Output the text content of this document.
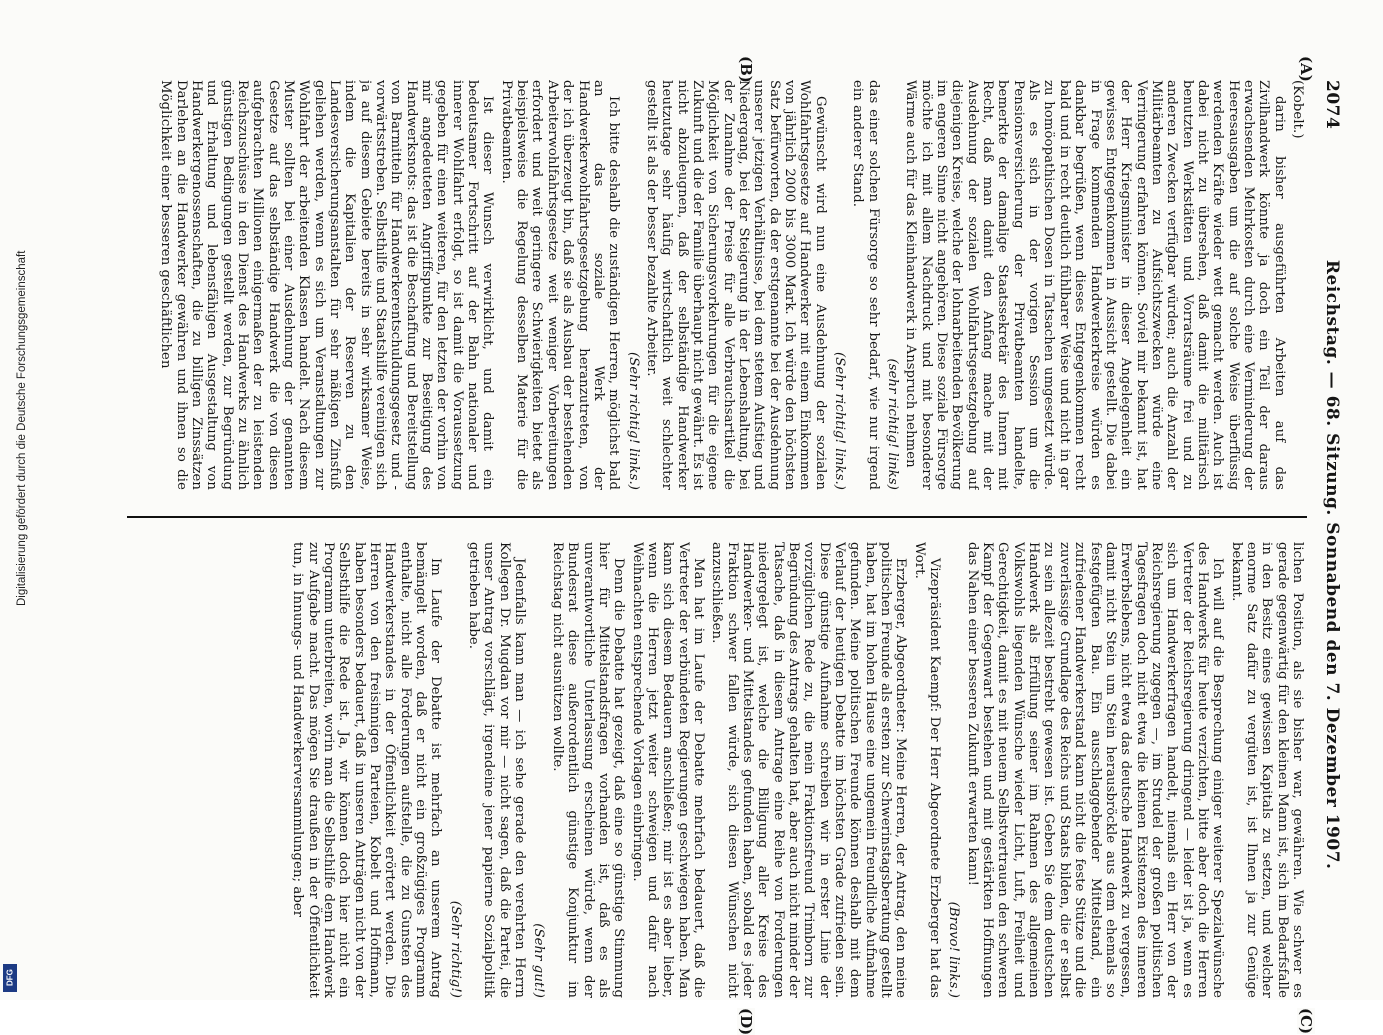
Digitalisierung gefördert durch die Deutsche Forschungsgemeinschaft
DFG
2074
Reichstag. — 68. Sitzung. Sonnabend den 7. Dezember 1907.
(A)
(B)
(C)
(D)

(Kobelt.)

darin bisher ausgeführten Arbeiten auf das Zivilhandwerk könnte ja doch ein Teil der daraus erwachsenden Mehrkosten durch eine Verminderung der Heeresausgaben um die auf solche Weise überflüssig werdenden Kräfte wieder wett gemacht werden. Auch ist dabei nicht zu übersehen, daß damit die militärisch benutzten Werkstätten und Vorratsräume frei und zu anderen Zwecken verfügbar würden; auch die Anzahl der Militärbeamten zu Aufsichtszwecken würde eine Verringerung erfahren können. Soviel mir bekannt ist, hat der Herr Kriegsminister in dieser Angelegenheit ein gewisses Entgegenkommen in Aussicht gestellt. Die dabei in Frage kommenden Handwerkerkreise würden es dankbar begrüßen, wenn dieses Entgegenkommen recht bald und in recht deutlich fühlbarer Weise und nicht in gar zu homöopathischen Dosen in Tatsachen umgesetzt würde. Als es sich in der vorigen Session um die Pensionsversicherung der Privatbeamten handelte, bemerkte der damalige Staatssekretär des Innern mit Recht, daß man damit den Anfang mache mit der Ausdehnung der sozialen Wohlfahrtsgesetzgebung auf diejenigen Kreise, welche der lohnarbeitenden Bevölkerung im engeren Sinne nicht angehören. Diese soziale Fürsorge möchte ich mit allem Nachdruck und mit besonderer Wärme auch für das Kleinhandwerk in Anspruch nehmen

(sehr richtig! links)

das einer solchen Fürsorge so sehr bedarf, wie nur irgend ein anderer Stand.

(Sehr richtig! links.)

Gewünscht wird nun eine Ausdehnung der sozialen Wohlfahrtsgesetze auf Handwerker mit einem Einkommen von jährlich 2000 bis 3000 Mark. Ich würde den höchsten Satz befürworten, da der erstgenannte bei der Ausdehnung unserer jetzigen Verhältnisse, bei dem stetem Aufstieg und Niedergang, bei der Steigerung in der Lebenshaltung, bei der Zunahme der Preise für alle Verbrauchsartikel die Möglichkeit von Sicherungsvorkehrungen für die eigene Zukunft und die der Familie überhaupt nicht gewährt. Es ist nicht abzuleugnen, daß der selbständige Handwerker heutzutage sehr häufig wirtschaftlich weit schlechter gestellt ist als der besser bezahlte Arbeiter.

(Sehr richtig! links.)

Ich bitte deshalb die zuständigen Herren, möglichst bald an das soziale Werk der Handwerkerwohlfahrtsgesetzgebung heranzutreten, von der ich überzeugt bin, daß sie als Ausbau der bestehenden Arbeiterwohlfahrtsgesetze weit weniger Vorbereitungen erfordert und weit geringere Schwierigkeiten bietet als beispielsweise die Regelung desselben Materie für die Privatbeamten.

Ist dieser Wunsch verwirklicht, und damit ein bedeutsamer Fortschritt auf der Bahn nationaler und innerer Wohlfahrt erfolgt, so ist damit die Voraussetzung gegeben für einen weiteren, für den letzten der vorhin von mir angedeuteten Angriffspunkte zur Beseitigung des Handwerksnots: das ist die Beschaffung und Bereitstellung von Barmitteln für Handwerkerentschuldungsgesetz und -vorwärtsstreben. Selbsthilfe und Staatshilfe vereinigen sich ja auf diesem Gebiete bereits in sehr wirksamer Weise, indem die Kapitalien der Reserven zu den Landesversicherungsanstalten für sehr mäßigen Zinsfuß geliehen werden, wenn es sich um Veranstaltungen zur Wohlfahrt der arbeitenden Klassen handelt. Nach diesem Muster sollten bei einer Ausdehnung der genannten Gesetze auf das selbständige Handwerk die von diesen aufgebrachten Millionen einigermaßen der zu leistenden Reichszuschüsse in den Dienst des Handwerks zu ähnlich günstigen Bedingungen gestellt werden, zur Begründung und Erhaltung und lebensfähigen Ausgestaltung von Handwerkergenossenschaften, die zu billigen Zinssätzen Darlehen an die Handwerker gewähren und ihnen so die Möglichkeit einer besseren geschäftlichen

lichen Position, als sie bisher war, gewähren. Wie schwer es gerade gegenwärtig für den kleinen Mann ist, sich im Bedarfsfalle in den Besitz eines gewissen Kapitals zu setzen, und welcher enorme Satz dafür zu vergüten ist, ist Ihnen ja zur Genüge bekannt.

Ich will auf die Besprechung einiger weiterer Spezialwünsche des Handwerks für heute verzichten, bitte aber doch die Herren Vertreter der Reichsregierung dringend — leider ist ja, wenn es sich um Handwerkerfragen handelt, niemals ein Herr von der Reichsregierung zugegen —, im Strudel der großen politischen Tagesfragen doch nicht etwa die kleinen Existenzen des inneren Erwerbslebens, nicht etwa das deutsche Handwerk zu vergessen, damit nicht Stein um Stein herausbröckle aus dem ehemals so festgefügten Bau. Ein ausschlaggebender Mittelstand, ein zufriedener Handwerkerstand kann nicht die feste Stütze und die zuverlässige Grundlage des Reichs und Staats bilden, die er selbst zu sein allezeit bestrebt gewesen ist. Geben Sie dem deutschen Handwerk als Erfüllung seiner im Rahmen des allgemeinen Volkswohls liegenden Wünsche wieder Licht, Luft, Freiheit und Gerechtigkeit, damit es mit neuem Selbstvertrauen den schweren Kampf der Gegenwart bestehen und mit gestärkten Hoffnungen das Nahen einer besseren Zukunft erwarten kann!

(Bravo! links.)

Vizepräsident Kaempf: Der Herr Abgeordnete Erzberger hat das Wort.

Erzberger, Abgeordneter: Meine Herren, der Antrag, den meine politischen Freunde als ersten zur Schwerinstagsberatung gestellt haben, hat im hohen Hause eine ungemein freundliche Aufnahme gefunden. Meine politischen Freunde können deshalb mit dem Verlauf der heutigen Debatte im höchsten Grade zufrieden sein. Diese günstige Aufnahme schreiben wir in erster Linie der vorzüglichen Rede zu, die mein Fraktionsfreund Trimborn zur Begründung des Antrags gehalten hat, aber auch nicht minder der Tatsache, daß in diesem Antrage eine Reihe von Forderungen niedergelegt ist, welche die Billigung aller Kreise des Handwerker- und Mittelstandes gefunden haben, sobald es jeder Fraktion schwer fallen würde, sich diesen Wünschen nicht anzuschließen.

Man hat im Laufe der Debatte mehrfach bedauert, daß die Vertreter der verbündeten Regierungen geschwiegen haben. Man kann sich diesem Bedauern anschließen; mir ist es aber lieber, wenn die Herren jetzt weiter schweigen und dafür nach Weihnachten entsprechende Vorlagen einbringen.

Denn die Debatte hat gezeigt, daß eine so günstige Stimmung hier für Mittelstandsfragen vorhanden ist, daß es als unverantwortliche Unterlassung erscheinen würde, wenn der Bundesrat diese außerordentlich günstige Konjunktur im Reichstag nicht ausnützen wollte.

(Sehr gut!)

Jedenfalls kann man — ich sehe gerade den verehrten Herrn Kollegen Dr. Mugdan vor mir — nicht sagen, daß die Partei, die unser Antrag vorschlägt, irgendeine jener papierne Sozialpolitik getrieben habe.

(Sehr richtig!)

Im Laufe der Debatte ist mehrfach an unserem Antrag bemängelt worden, daß er nicht ein großzügiges Programm enthalte, nicht alle Forderungen aufstelle, die zu Gunsten des Handwerkerstandes in der Öffentlichkeit erörtert werden. Die Herren von den freisinnigen Parteien, Kobelt und Hoffmann, haben besonders bedauert, daß in unseren Anträgen nicht von der Selbsthilfe die Rede ist. Ja, wir können doch hier nicht ein Programm unterbreiten, worin man die Selbsthilfe dem Handwerk zur Aufgabe macht. Das mögen Sie draußen in der Öffentlichkeit tun, in Innungs- und Handwerkerversammlungen; aber
